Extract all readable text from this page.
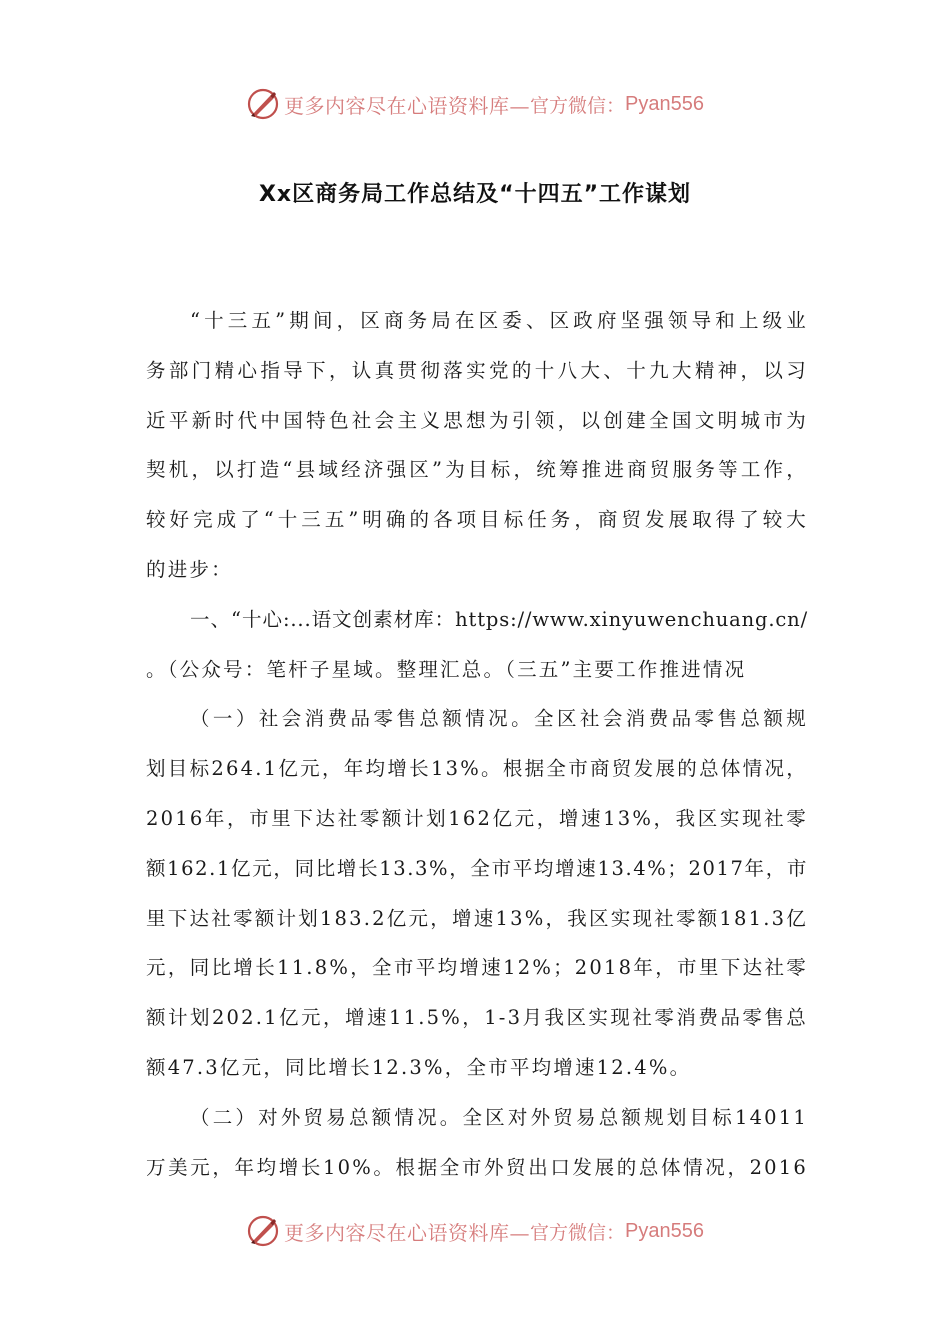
更多内容尽在心语资料库— 官方微信： Pyan556
Xx区商务局工作总结及“十四五”工作谋划
“十三五”期间，区商务局在区委、区政府坚强领导和上级业
务部门精心指导下，认真贯彻落实党的十八大、十九大精神，以习
近平新时代中国特色社会主义思想为引领，以创建全国文明城市为
契机，以打造“县域经济强区”为目标，统筹推进商贸服务等工作，
较好完成了“十三五”明确的各项目标任务，商贸发展取得了较大
的进步：
一、“十心:...语文创素材库：https://www.xinyuwenchuang.cn/
。（公众号：笔杆子星域。整理汇总。（三五”主要工作推进情况
（一）社会消费品零售总额情况。全区社会消费品零售总额规
划目标264.1亿元，年均增长13%。根据全市商贸发展的总体情况，
2016年，市里下达社零额计划162亿元，增速13%，我区实现社零
额162.1亿元，同比增长13.3%，全市平均增速13.4%；2017年，市
里下达社零额计划183.2亿元，增速13%，我区实现社零额181.3亿
元，同比增长11.8%，全市平均增速12%；2018年，市里下达社零
额计划202.1亿元，增速11.5%，1-3月我区实现社零消费品零售总
额47.3亿元，同比增长12.3%，全市平均增速12.4%。
（二）对外贸易总额情况。全区对外贸易总额规划目标14011
万美元，年均增长10%。根据全市外贸出口发展的总体情况，2016
更多内容尽在心语资料库— 官方微信： Pyan556
